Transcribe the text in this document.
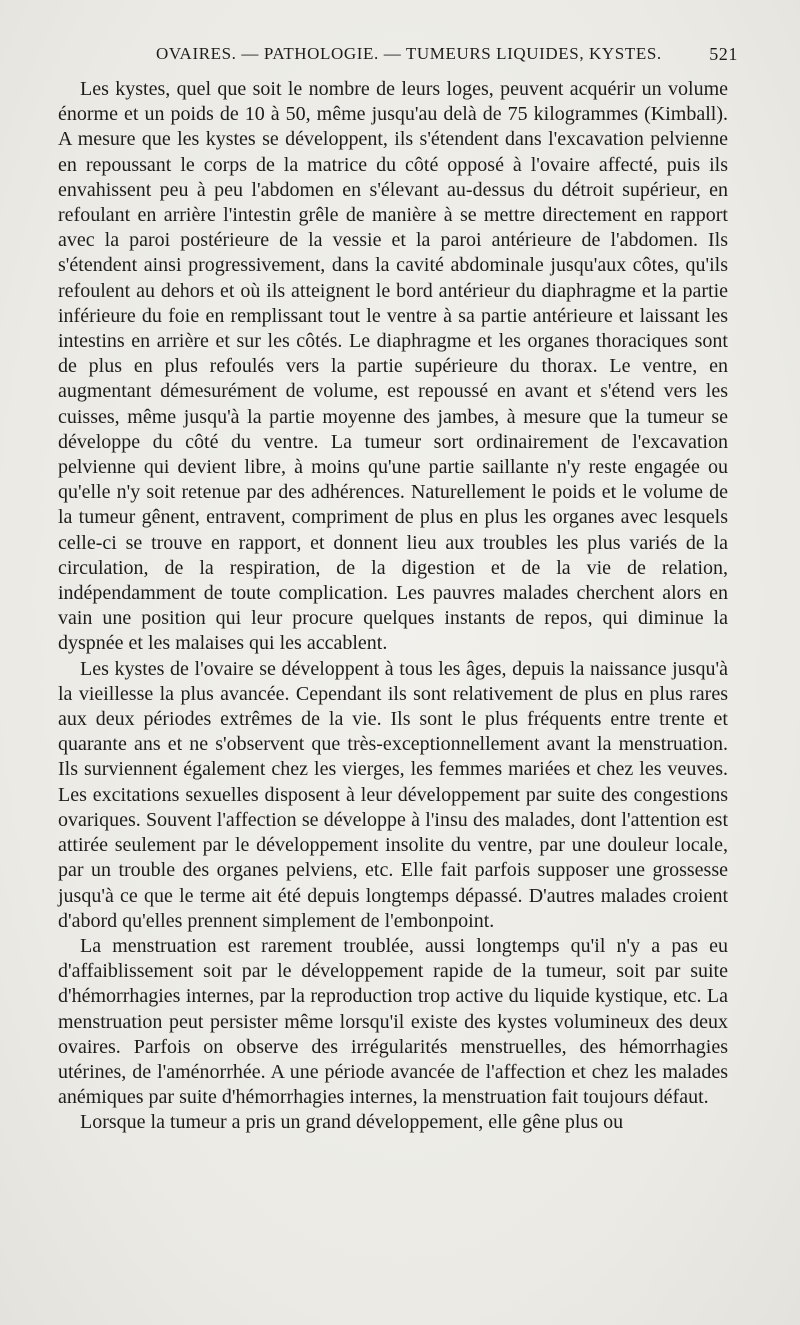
OVAIRES. — PATHOLOGIE. — TUMEURS LIQUIDES, KYSTES.	521

Les kystes, quel que soit le nombre de leurs loges, peuvent acquérir un volume énorme et un poids de 10 à 50, même jusqu'au delà de 75 kilogrammes (Kimball). A mesure que les kystes se développent, ils s'étendent dans l'excavation pelvienne en repoussant le corps de la matrice du côté opposé à l'ovaire affecté, puis ils envahissent peu à peu l'abdomen en s'élevant au-dessus du détroit supérieur, en refoulant en arrière l'intestin grêle de manière à se mettre directement en rapport avec la paroi postérieure de la vessie et la paroi antérieure de l'abdomen. Ils s'étendent ainsi progressivement, dans la cavité abdominale jusqu'aux côtes, qu'ils refoulent au dehors et où ils atteignent le bord antérieur du diaphragme et la partie inférieure du foie en remplissant tout le ventre à sa partie antérieure et laissant les intestins en arrière et sur les côtés. Le diaphragme et les organes thoraciques sont de plus en plus refoulés vers la partie supérieure du thorax. Le ventre, en augmentant démesurément de volume, est repoussé en avant et s'étend vers les cuisses, même jusqu'à la partie moyenne des jambes, à mesure que la tumeur se développe du côté du ventre. La tumeur sort ordinairement de l'excavation pelvienne qui devient libre, à moins qu'une partie saillante n'y reste engagée ou qu'elle n'y soit retenue par des adhérences. Naturellement le poids et le volume de la tumeur gênent, entravent, compriment de plus en plus les organes avec lesquels celle-ci se trouve en rapport, et donnent lieu aux troubles les plus variés de la circulation, de la respiration, de la digestion et de la vie de relation, indépendamment de toute complication. Les pauvres malades cherchent alors en vain une position qui leur procure quelques instants de repos, qui diminue la dyspnée et les malaises qui les accablent.

Les kystes de l'ovaire se développent à tous les âges, depuis la naissance jusqu'à la vieillesse la plus avancée. Cependant ils sont relativement de plus en plus rares aux deux périodes extrêmes de la vie. Ils sont le plus fréquents entre trente et quarante ans et ne s'observent que très-exceptionnellement avant la menstruation. Ils surviennent également chez les vierges, les femmes mariées et chez les veuves. Les excitations sexuelles disposent à leur développement par suite des congestions ovariques. Souvent l'affection se développe à l'insu des malades, dont l'attention est attirée seulement par le développement insolite du ventre, par une douleur locale, par un trouble des organes pelviens, etc. Elle fait parfois supposer une grossesse jusqu'à ce que le terme ait été depuis longtemps dépassé. D'autres malades croient d'abord qu'elles prennent simplement de l'embonpoint.

La menstruation est rarement troublée, aussi longtemps qu'il n'y a pas eu d'affaiblissement soit par le développement rapide de la tumeur, soit par suite d'hémorrhagies internes, par la reproduction trop active du liquide kystique, etc. La menstruation peut persister même lorsqu'il existe des kystes volumineux des deux ovaires. Parfois on observe des irrégularités menstruelles, des hémorrhagies utérines, de l'aménorrhée. A une période avancée de l'affection et chez les malades anémiques par suite d'hémorrhagies internes, la menstruation fait toujours défaut.

Lorsque la tumeur a pris un grand développement, elle gêne plus ou
